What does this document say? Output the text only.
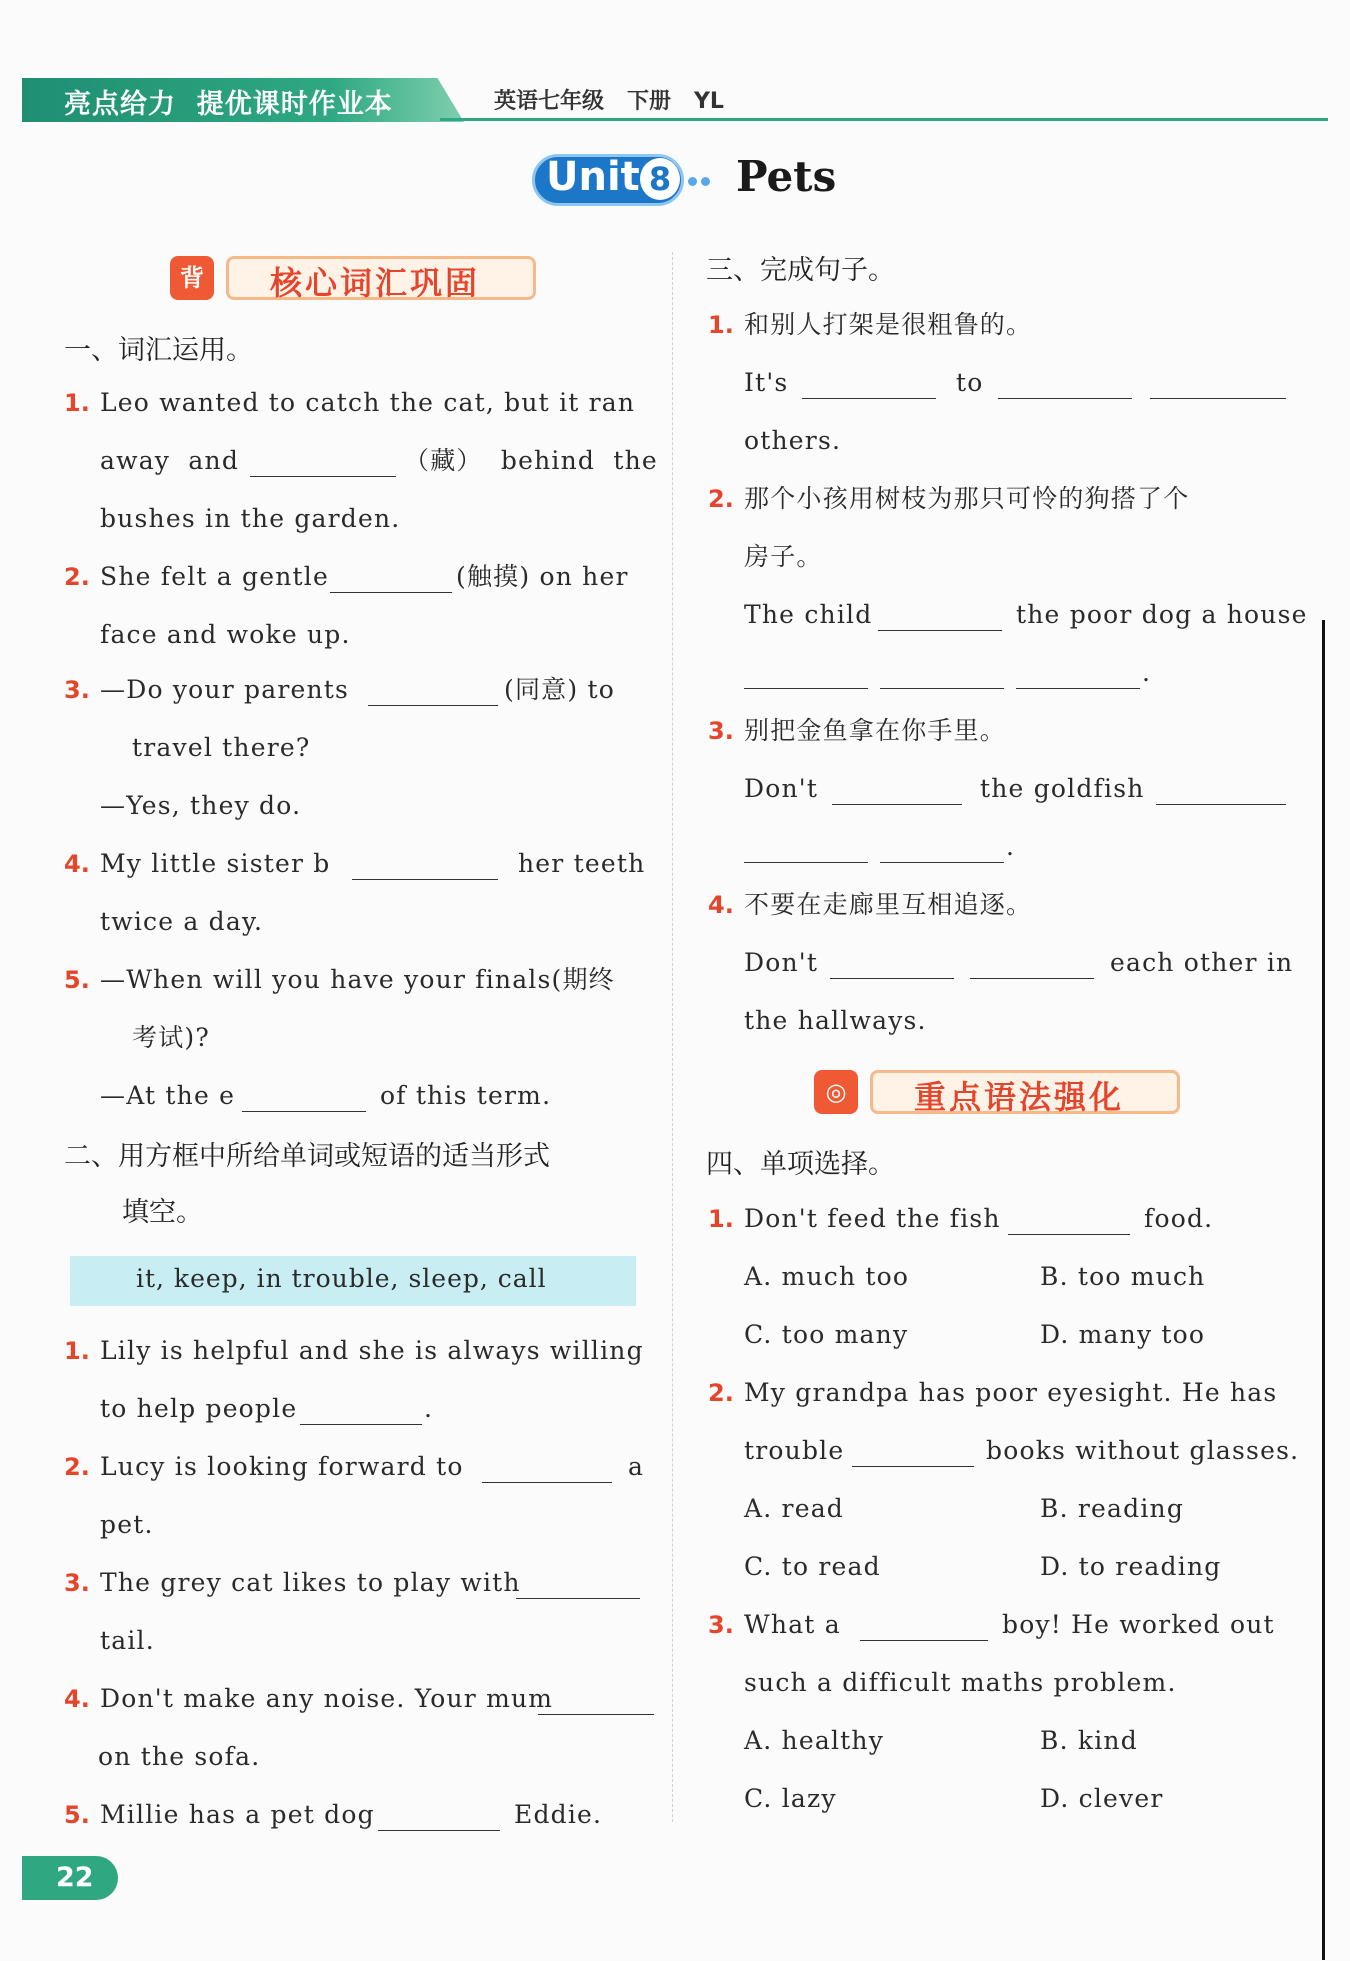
亮点给力  提优课时作业本	英语七年级   下册   YL
Unit 8 Pets
背	核心词汇巩固
一、词汇运用。
1. Leo wanted to catch the cat, but it ran
away  and	（藏）  behind  the
bushes in the garden.
2. She felt a gentle	(触摸) on her
face and woke up.
3. —Do your parents	(同意) to
travel there?
—Yes, they do.
4. My little sister b	her teeth
twice a day.
5. —When will you have your finals(期终
考试)?
—At the e	of this term.
二、用方框中所给单词或短语的适当形式
填空。
it, keep, in trouble, sleep, call
1. Lily is helpful and she is always willing
to help people	.
2. Lucy is looking forward to	a
pet.
3. The grey cat likes to play with
tail.
4. Don't make any noise. Your mum
on the sofa.
5. Millie has a pet dog	Eddie.
三、完成句子。
1. 和别人打架是很粗鲁的。
It's	to
others.
2. 那个小孩用树枝为那只可怜的狗搭了个
房子。
The child	the poor dog a house
.
3. 别把金鱼拿在你手里。
Don't	the goldfish
.
4. 不要在走廊里互相追逐。
Don't	each other in
the hallways.
◎	重点语法强化
四、单项选择。
1. Don't feed the fish	food.
A. much too	B. too much
C. too many	D. many too
2. My grandpa has poor eyesight. He has
trouble	books without glasses.
A. read	B. reading
C. to read	D. to reading
3. What a	boy! He worked out
such a difficult maths problem.
A. healthy	B. kind
C. lazy	D. clever
22
